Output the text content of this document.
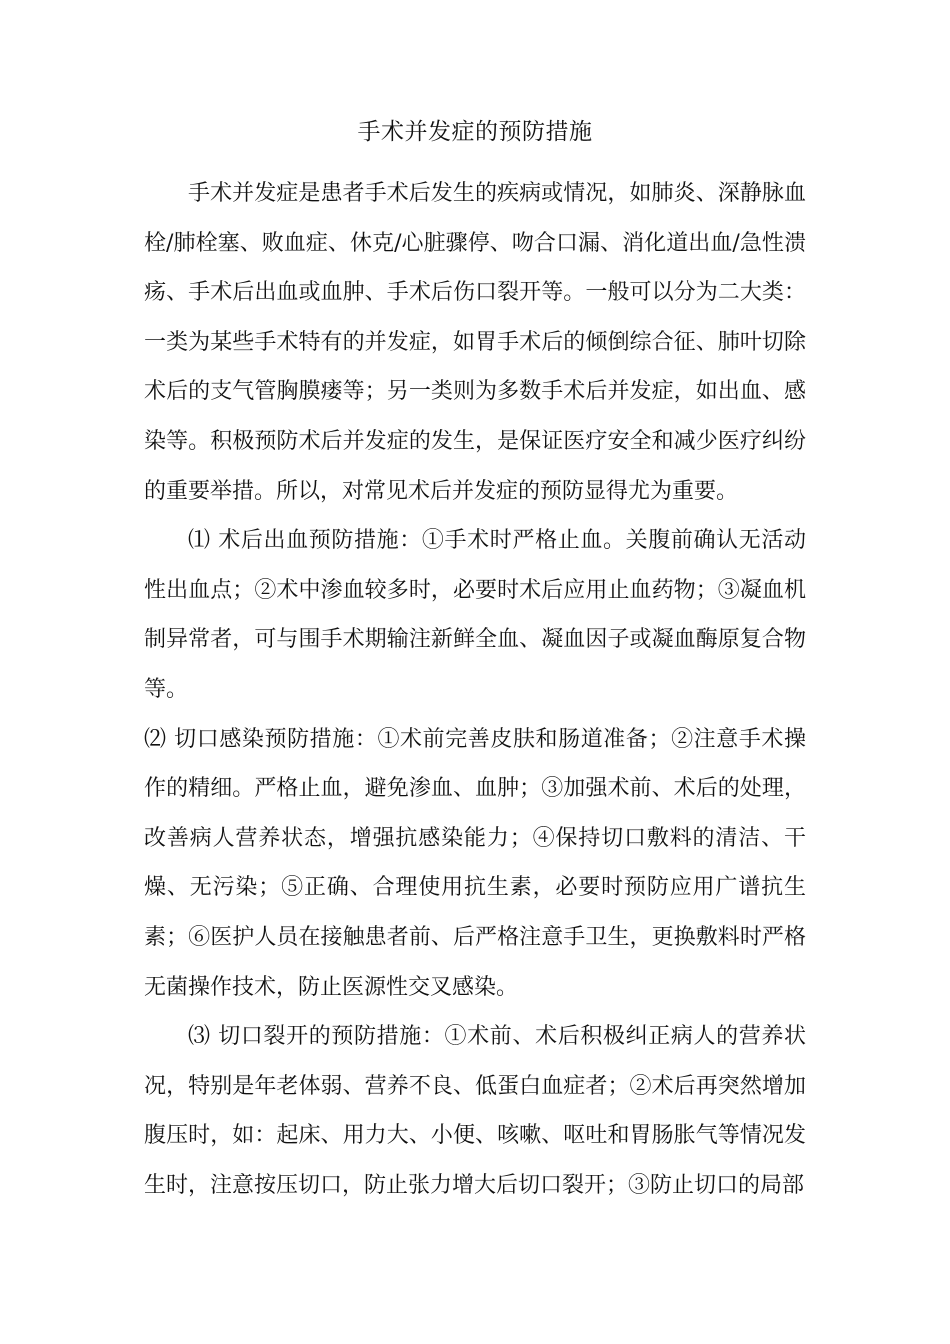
手术并发症的预防措施

手术并发症是患者手术后发生的疾病或情况，如肺炎、深静脉血栓/肺栓塞、败血症、休克/心脏骤停、吻合口漏、消化道出血/急性溃疡、手术后出血或血肿、手术后伤口裂开等。一般可以分为二大类：一类为某些手术特有的并发症，如胃手术后的倾倒综合征、肺叶切除术后的支气管胸膜瘘等；另一类则为多数手术后并发症，如出血、感染等。积极预防术后并发症的发生，是保证医疗安全和减少医疗纠纷的重要举措。所以，对常见术后并发症的预防显得尤为重要。

⑴ 术后出血预防措施：①手术时严格止血。关腹前确认无活动性出血点；②术中渗血较多时，必要时术后应用止血药物；③凝血机制异常者，可与围手术期输注新鲜全血、凝血因子或凝血酶原复合物等。

⑵ 切口感染预防措施：①术前完善皮肤和肠道准备；②注意手术操作的精细。严格止血，避免渗血、血肿；③加强术前、术后的处理，改善病人营养状态，增强抗感染能力；④保持切口敷料的清洁、干燥、无污染；⑤正确、合理使用抗生素，必要时预防应用广谱抗生素；⑥医护人员在接触患者前、后严格注意手卫生，更换敷料时严格无菌操作技术，防止医源性交叉感染。

⑶ 切口裂开的预防措施：①术前、术后积极纠正病人的营养状况，特别是年老体弱、营养不良、低蛋白血症者；②术后再突然增加腹压时，如：起床、用力大、小便、咳嗽、呕吐和胃肠胀气等情况发生时，注意按压切口，防止张力增大后切口裂开；③防止切口的局部
